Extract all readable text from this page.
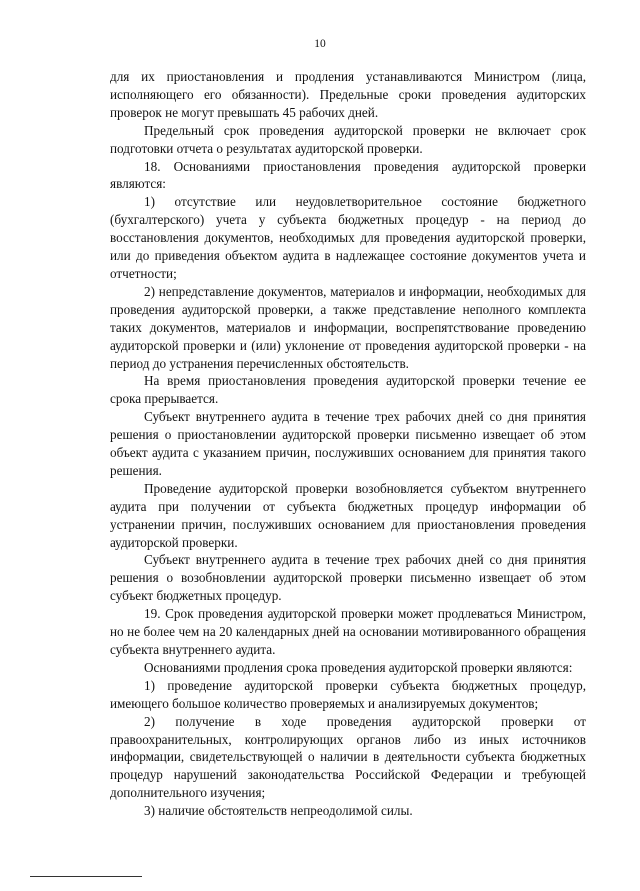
10

для их приостановления и продления устанавливаются Министром (лица, исполняющего его обязанности). Предельные сроки проведения аудиторских проверок не могут превышать 45 рабочих дней.

Предельный срок проведения аудиторской проверки не включает срок подготовки отчета о результатах аудиторской проверки.

18. Основаниями приостановления проведения аудиторской проверки являются:

1) отсутствие или неудовлетворительное состояние бюджетного (бухгалтерского) учета у субъекта бюджетных процедур - на период до восстановления документов, необходимых для проведения аудиторской проверки, или до приведения объектом аудита в надлежащее состояние документов учета и отчетности;

2) непредставление документов, материалов и информации, необходимых для проведения аудиторской проверки, а также представление неполного комплекта таких документов, материалов и информации, воспрепятствование проведению аудиторской проверки и (или) уклонение от проведения аудиторской проверки - на период до устранения перечисленных обстоятельств.

На время приостановления проведения аудиторской проверки течение ее срока прерывается.

Субъект внутреннего аудита в течение трех рабочих дней со дня принятия решения о приостановлении аудиторской проверки письменно извещает об этом объект аудита с указанием причин, послуживших основанием для принятия такого решения.

Проведение аудиторской проверки возобновляется субъектом внутреннего аудита при получении от субъекта бюджетных процедур информации об устранении причин, послуживших основанием для приостановления проведения аудиторской проверки.

Субъект внутреннего аудита в течение трех рабочих дней со дня принятия решения о возобновлении аудиторской проверки письменно извещает об этом субъект бюджетных процедур.

19. Срок проведения аудиторской проверки может продлеваться Министром, но не более чем на 20 календарных дней на основании мотивированного обращения субъекта внутреннего аудита.

Основаниями продления срока проведения аудиторской проверки являются:

1) проведение аудиторской проверки субъекта бюджетных процедур, имеющего большое количество проверяемых и анализируемых документов;

2) получение в ходе проведения аудиторской проверки от правоохранительных, контролирующих органов либо из иных источников информации, свидетельствующей о наличии в деятельности субъекта бюджетных процедур нарушений законодательства Российской Федерации и требующей дополнительного изучения;

3) наличие обстоятельств непреодолимой силы.
